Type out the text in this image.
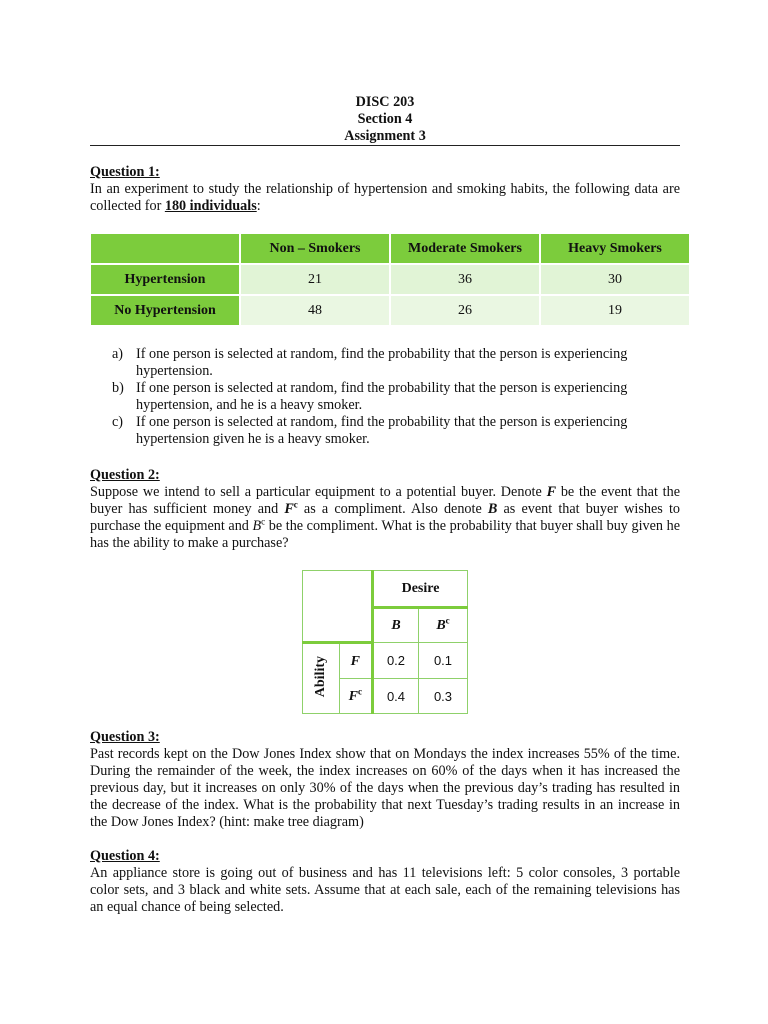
DISC 203
Section 4
Assignment 3
Question 1:
In an experiment to study the relationship of hypertension and smoking habits, the following data are collected for 180 individuals:
	Non – Smokers	Moderate Smokers	Heavy Smokers
Hypertension	21	36	30
No Hypertension	48	26	19
a) If one person is selected at random, find the probability that the person is experiencing hypertension.
b) If one person is selected at random, find the probability that the person is experiencing hypertension, and he is a heavy smoker.
c) If one person is selected at random, find the probability that the person is experiencing hypertension given he is a heavy smoker.
Question 2:
Suppose we intend to sell a particular equipment to a potential buyer. Denote F be the event that the buyer has sufficient money and $F^c$ as a compliment. Also denote B as event that buyer wishes to purchase the equipment and $B^c$ be the compliment. What is the probability that buyer shall buy given he has the ability to make a purchase?
		Desire	
		B	$B^c$
Ability	F	0.2	0.1
	$F^c$	0.4	0.3
Question 3:
Past records kept on the Dow Jones Index show that on Mondays the index increases 55% of the time. During the remainder of the week, the index increases on 60% of the days when it has increased the previous day, but it increases on only 30% of the days when the previous day’s trading has resulted in the decrease of the index. What is the probability that next Tuesday’s trading results in an increase in the Dow Jones Index? (hint: make tree diagram)
Question 4:
An appliance store is going out of business and has 11 televisions left: 5 color consoles, 3 portable color sets, and 3 black and white sets. Assume that at each sale, each of the remaining televisions has an equal chance of being selected.
